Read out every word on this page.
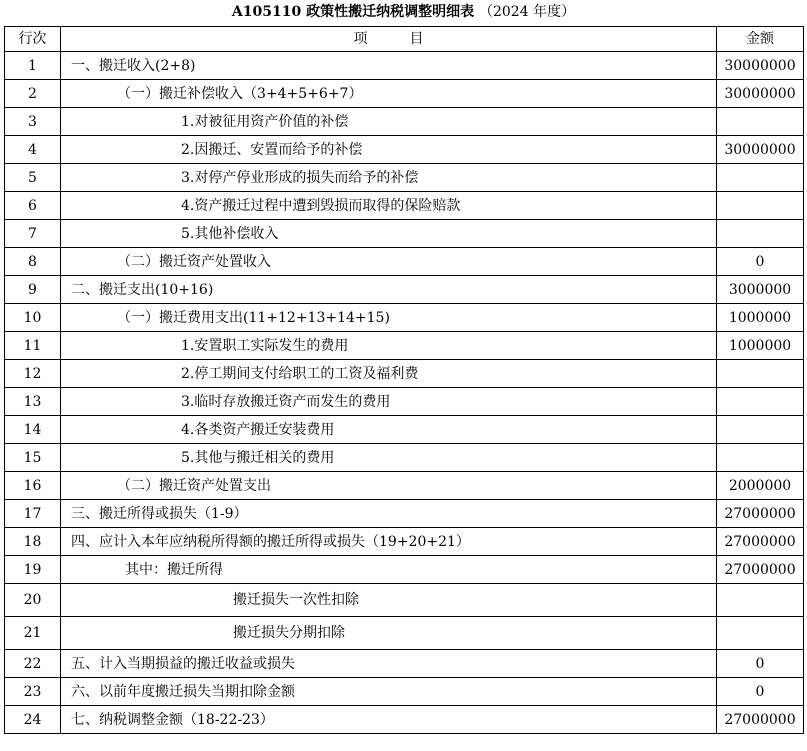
A105110 政策性搬迁纳税调整明细表 （2024 年度）
行次	项　　　目	金额
1	一、搬迁收入(2+8)	30000000
2	（一）搬迁补偿收入（3+4+5+6+7）	30000000
3	1.对被征用资产价值的补偿	
4	2.因搬迁、安置而给予的补偿	30000000
5	3.对停产停业形成的损失而给予的补偿	
6	4.资产搬迁过程中遭到毁损而取得的保险赔款	
7	5.其他补偿收入	
8	（二）搬迁资产处置收入	0
9	二、搬迁支出(10+16)	3000000
10	（一）搬迁费用支出(11+12+13+14+15)	1000000
11	1.安置职工实际发生的费用	1000000
12	2.停工期间支付给职工的工资及福利费	
13	3.临时存放搬迁资产而发生的费用	
14	4.各类资产搬迁安装费用	
15	5.其他与搬迁相关的费用	
16	（二）搬迁资产处置支出	2000000
17	三、搬迁所得或损失（1-9）	27000000
18	四、应计入本年应纳税所得额的搬迁所得或损失（19+20+21）	27000000
19	其中：搬迁所得	27000000
20	搬迁损失一次性扣除	
21	搬迁损失分期扣除	
22	五、计入当期损益的搬迁收益或损失	0
23	六、以前年度搬迁损失当期扣除金额	0
24	七、纳税调整金额（18-22-23）	27000000
